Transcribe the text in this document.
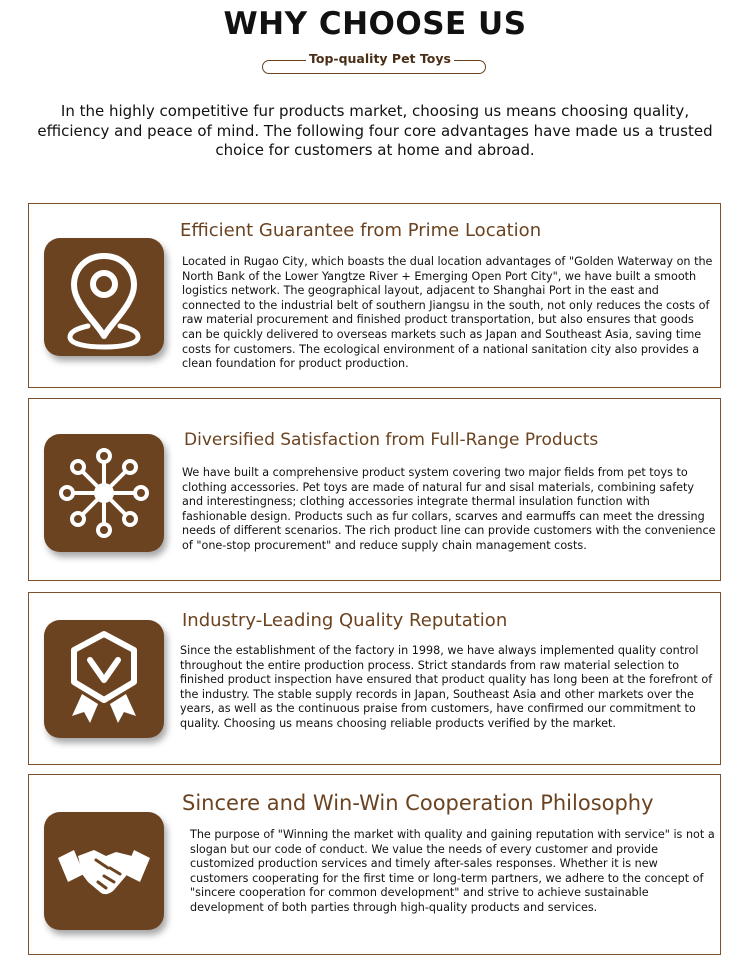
WHY CHOOSE US
Top-quality Pet Toys
In the highly competitive fur products market, choosing us means choosing quality, efficiency and peace of mind. The following four core advantages have made us a trusted choice for customers at home and abroad.
Efficient Guarantee from Prime Location
Located in Rugao City, which boasts the dual location advantages of "Golden Waterway on the North Bank of the Lower Yangtze River + Emerging Open Port City", we have built a smooth logistics network. The geographical layout, adjacent to Shanghai Port in the east and connected to the industrial belt of southern Jiangsu in the south, not only reduces the costs of raw material procurement and finished product transportation, but also ensures that goods can be quickly delivered to overseas markets such as Japan and Southeast Asia, saving time costs for customers. The ecological environment of a national sanitation city also provides a clean foundation for product production.
Diversified Satisfaction from Full-Range Products
We have built a comprehensive product system covering two major fields from pet toys to clothing accessories. Pet toys are made of natural fur and sisal materials, combining safety and interestingness; clothing accessories integrate thermal insulation function with fashionable design. Products such as fur collars, scarves and earmuffs can meet the dressing needs of different scenarios. The rich product line can provide customers with the convenience of "one-stop procurement" and reduce supply chain management costs.
Industry-Leading Quality Reputation
Since the establishment of the factory in 1998, we have always implemented quality control throughout the entire production process. Strict standards from raw material selection to finished product inspection have ensured that product quality has long been at the forefront of the industry. The stable supply records in Japan, Southeast Asia and other markets over the years, as well as the continuous praise from customers, have confirmed our commitment to quality. Choosing us means choosing reliable products verified by the market.
Sincere and Win-Win Cooperation Philosophy
The purpose of "Winning the market with quality and gaining reputation with service" is not a slogan but our code of conduct. We value the needs of every customer and provide customized production services and timely after-sales responses. Whether it is new customers cooperating for the first time or long-term partners, we adhere to the concept of "sincere cooperation for common development" and strive to achieve sustainable development of both parties through high-quality products and services.
